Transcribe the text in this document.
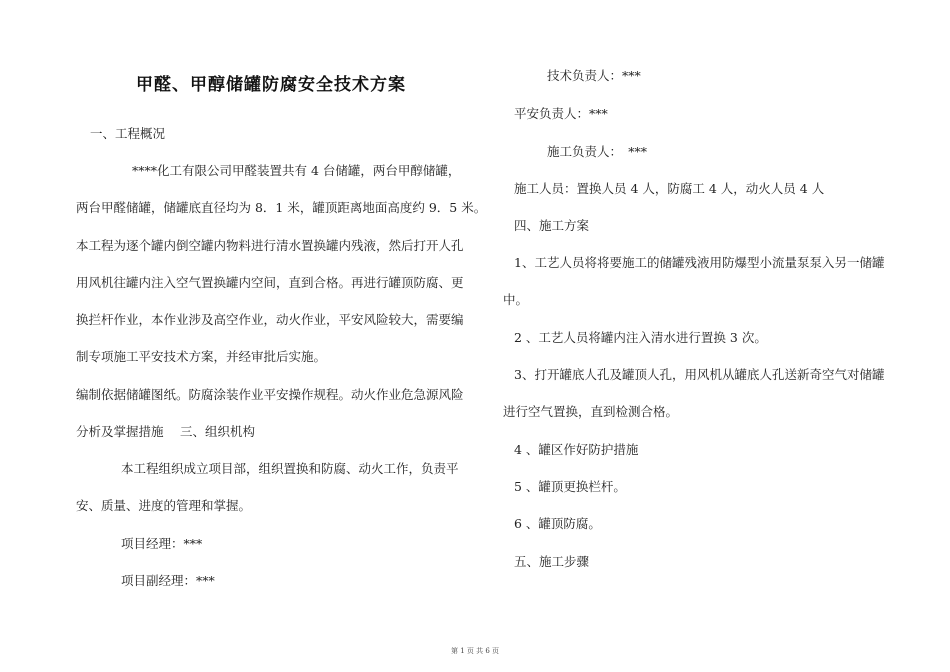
甲醛、甲醇储罐防腐安全技术方案
一、工程概况
****化工有限公司甲醛装置共有 4 台储罐，两台甲醇储罐，
两台甲醛储罐，储罐底直径均为 8．1 米，罐顶距离地面高度约 9．5 米。
本工程为逐个罐内倒空罐内物料进行清水置换罐内残液，然后打开人孔
用风机往罐内注入空气置换罐内空间，直到合格。再进行罐顶防腐、更
换拦杆作业，本作业涉及高空作业，动火作业，平安风险较大，需要编
制专项施工平安技术方案，并经审批后实施。
编制依据储罐图纸。防腐涂装作业平安操作规程。动火作业危急源风险
分析及掌握措施　 三、组织机构
本工程组织成立项目部，组织置换和防腐、动火工作，负责平
安、质量、进度的管理和掌握。
项目经理：***
项目副经理：***
技术负责人：***
平安负责人：***
施工负责人：　***
施工人员：置换人员 4 人，防腐工 4 人，动火人员 4 人
四、施工方案
1、工艺人员将将要施工的储罐残液用防爆型小流量泵泵入另一储罐
中。
2 、工艺人员将罐内注入清水进行置换 3 次。
3、打开罐底人孔及罐顶人孔，用风机从罐底人孔送新奇空气对储罐
进行空气置换，直到检测合格。
4 、罐区作好防护措施
5 、罐顶更换栏杆。
6 、罐顶防腐。
五、施工步骤
第 1 页 共 6 页
